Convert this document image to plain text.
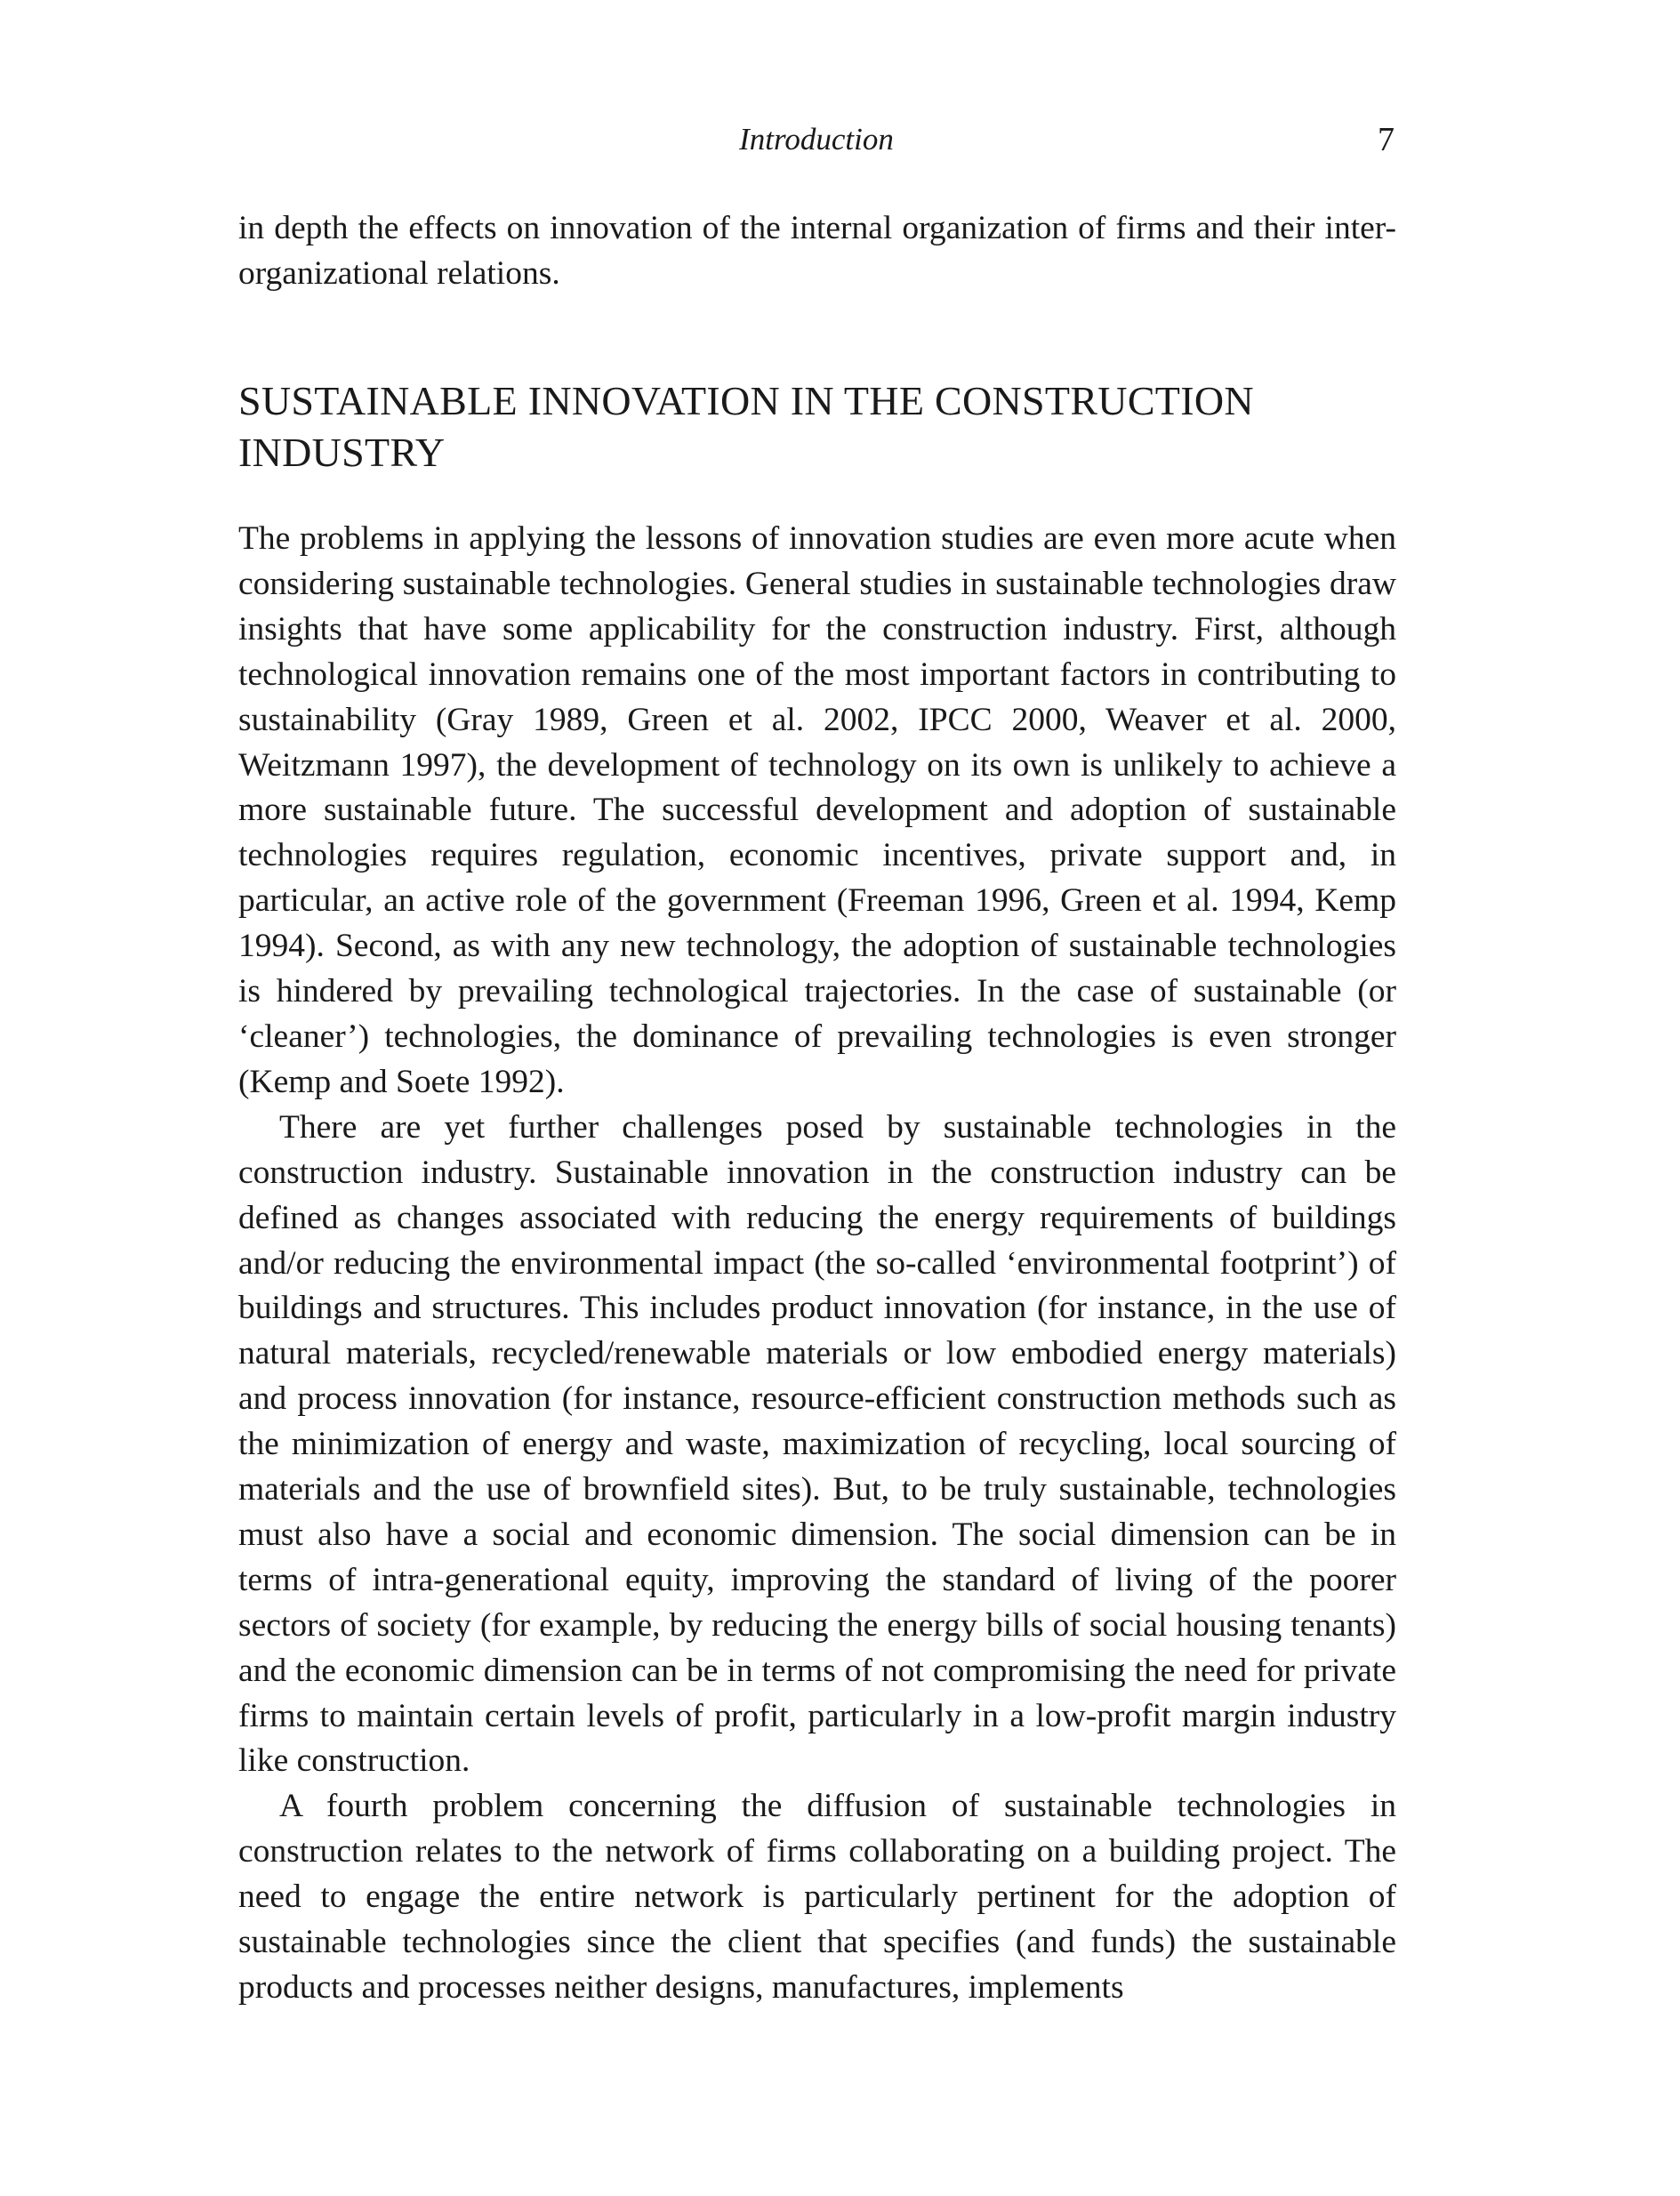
Introduction	7

in depth the effects on innovation of the internal organization of firms and their inter-organizational relations.

SUSTAINABLE INNOVATION IN THE CONSTRUCTION INDUSTRY

The problems in applying the lessons of innovation studies are even more acute when considering sustainable technologies. General studies in sustainable technologies draw insights that have some applicability for the construction industry. First, although technological innovation remains one of the most important factors in contributing to sustainability (Gray 1989, Green et al. 2002, IPCC 2000, Weaver et al. 2000, Weitzmann 1997), the development of technology on its own is unlikely to achieve a more sustainable future. The successful development and adoption of sustainable technologies requires regulation, economic incentives, private support and, in particular, an active role of the government (Freeman 1996, Green et al. 1994, Kemp 1994). Second, as with any new technology, the adoption of sustainable technologies is hindered by prevailing technological trajectories. In the case of sustainable (or ‘cleaner’) technologies, the dominance of prevailing technologies is even stronger (Kemp and Soete 1992).

There are yet further challenges posed by sustainable technologies in the construction industry. Sustainable innovation in the construction industry can be defined as changes associated with reducing the energy requirements of buildings and/or reducing the environmental impact (the so-called ‘environmental footprint’) of buildings and structures. This includes product innovation (for instance, in the use of natural materials, recycled/renewable materials or low embodied energy materials) and process innovation (for instance, resource-efficient construction methods such as the minimization of energy and waste, maximization of recycling, local sourcing of materials and the use of brownfield sites). But, to be truly sustainable, technologies must also have a social and economic dimension. The social dimension can be in terms of intra-generational equity, improving the standard of living of the poorer sectors of society (for example, by reducing the energy bills of social housing tenants) and the economic dimension can be in terms of not compromising the need for private firms to maintain certain levels of profit, particularly in a low-profit margin industry like construction.

A fourth problem concerning the diffusion of sustainable technologies in construction relates to the network of firms collaborating on a building project. The need to engage the entire network is particularly pertinent for the adoption of sustainable technologies since the client that specifies (and funds) the sustainable products and processes neither designs, manufactures, implements
